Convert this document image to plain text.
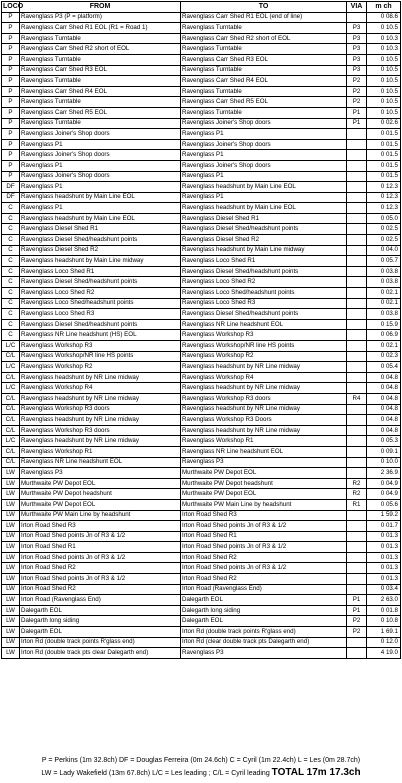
LOCO	FROM	TO	VIA	m ch
P	Ravenglass P3 (P = platform)	Ravenglass Carr Shed R1 EOL (end of line)		0 08.6
P	Ravenglass Carr Shed R1 EOL (R1 = Road 1)	Ravenglass Turntable	P3	0 10.5
P	Ravenglass Turntable	Ravenglass Carr Shed R2 short of EOL	P3	0 10.3
P	Ravenglass Carr Shed R2 short of EOL	Ravenglass Turntable	P3	0 10.3
P	Ravenglass Turntable	Ravenglass Carr Shed R3 EOL	P3	0 10.5
P	Ravenglass Carr Shed R3 EOL	Ravenglass Turntable	P3	0 10.5
P	Ravenglass Turntable	Ravenglass Carr Shed R4 EOL	P2	0 10.5
P	Ravenglass Carr Shed R4 EOL	Ravenglass Turntable	P2	0 10.5
P	Ravenglass Turntable	Ravenglass Carr Shed R5 EOL	P2	0 10.5
P	Ravenglass Carr Shed R5 EOL	Ravenglass Turntable	P1	0 10.5
P	Ravenglass Turntable	Ravenglass Joiner's Shop doors	P1	0 02.6
P	Ravenglass Joiner's Shop doors	Ravenglass P1		0 01.5
P	Ravenglass P1	Ravenglass Joiner's Shop doors		0 01.5
P	Ravenglass Joiner's Shop doors	Ravenglass P1		0 01.5
P	Ravenglass P1	Ravenglass Joiner's Shop doors		0 01.5
P	Ravenglass Joiner's Shop doors	Ravenglass P1		0 01.5
DF	Ravenglass P1	Ravenglass headshunt by Main Line EOL		0 12.3
DF	Ravenglass headshunt by Main Line EOL	Ravenglass P1		0 12.3
C	Ravenglass P1	Ravenglass headshunt by Main Line EOL		0 12.3
C	Ravenglass headshunt by Main Line EOL	Ravenglass Diesel Shed R1		0 05.0
C	Ravenglass Diesel Shed R1	Ravenglass Diesel Shed/headshunt points		0 02.5
C	Ravenglass Diesel Shed/headshunt points	Ravenglass Diesel Shed R2		0 02.5
C	Ravenglass Diesel Shed R2	Ravenglass headshunt by Main Line midway		0 04.0
C	Ravenglass headshunt by Main Line midway	Ravenglass Loco Shed R1		0 05.7
C	Ravenglass Loco Shed R1	Ravenglass Diesel Shed/headshunt points		0 03.8
C	Ravenglass Diesel Shed/headshunt points	Ravenglass Loco Shed R2		0 03.8
C	Ravenglass Loco Shed R2	Ravenglass Loco Shed/headshunt points		0 02.1
C	Ravenglass Loco Shed/headshunt points	Ravenglass Loco Shed R3		0 02.1
C	Ravenglass Loco Shed R3	Ravenglass Diesel Shed/headshunt points		0 03.8
C	Ravenglass Diesel Shed/headshunt points	Ravenglass NR Line headshunt EOL		0 15.9
C	Ravenglass NR Line headshunt (HS) EOL	Ravenglass Workshop R3		0 06.9
L/C	Ravenglass Workshop R3	Ravenglass Workshop/NR line HS points		0 02.1
C/L	Ravenglass Workshop/NR line HS points	Ravenglass Workshop R2		0 02.3
L/C	Ravenglass Workshop R2	Ravenglass headshunt by NR Line midway		0 05.4
C/L	Ravenglass headshunt by NR Line midway	Ravenglass Workshop R4		0 04.8
L/C	Ravenglass Workshop R4	Ravenglass headshunt by NR Line midway		0 04.8
C/L	Ravenglass headshunt by NR Line midway	Ravenglass Workshop R3 doors	R4	0 04.8
C/L	Ravenglass Workshop R3 doors	Ravenglass headshunt by NR Line midway		0 04.8
C/L	Ravenglass headshunt by NR Line midway	Ravenglass Workshop R3 Doors		0 04.8
C/L	Ravenglass Workshop R3 doors	Ravenglass headshunt by NR Line midway		0 04.8
L/C	Ravenglass headshunt by NR Line midway	Ravenglass Workshop R1		0 05.3
C/L	Ravenglass Workshop R1	Ravenglass NR Line headshunt EOL		0 09.1
C/L	Ravenglass NR Line headshunt EOL	Ravenglass P3		0 10.0
LW	Ravenglass P3	Murthwaite PW Depot EOL		2 36.9
LW	Murthwaite PW Depot EOL	Murthwaite PW Depot headshunt	R2	0 04.9
LW	Murthwaite PW Depot headshunt	Murthwaite PW Depot EOL	R2	0 04.9
LW	Murthwaite PW Depot EOL	Murthwaite PW Main Line by headshunt	R1	0 05.6
LW	Murthwaite PW Main Line by headshunt	Irton Road Shed R3		1 59.2
LW	Irton Road Shed R3	Irton Road Shed points Jn of R3 & 1/2		0 01.7
LW	Irton Road Shed points Jn of R3 & 1/2	Irton Road Shed R1		0 01.3
LW	Irton Road Shed R1	Irton Road Shed points Jn of R3 & 1/2		0 01.3
LW	Irton Road Shed points Jn of R3 & 1/2	Irton Road Shed R2		0 01.3
LW	Irton Road Shed R2	Irton Road Shed points Jn of R3 & 1/2		0 01.3
LW	Irton Road Shed points Jn of R3 & 1/2	Irton Road Shed R2		0 01.3
LW	Irton Road Shed R2	Irton Road (Ravenglass End)		0 03.4
LW	Irton Road (Ravenglass End)	Dalegarth EOL	P1	2 63.0
LW	Dalegarth EOL	Dalegarth long siding	P1	0 01.8
LW	Dalegarth long siding	Dalegarth EOL	P2	0 10.8
LW	Dalegarth EOL	Irton Rd (double track points R'glass end)	P2	1 69.1
LW	Irton Rd (double track points R'glass end)	Irton Rd (clear double track pts Dalegarth end)		0 12.0
LW	Irton Rd (double track pts clear Dalegarth end)	Ravenglass P3		4 19.0
P = Perkins (1m 32.8ch) DF = Douglas Ferreira (0m 24.6ch) C = Cyril (1m 22.4ch) L = Les (0m 28.7ch)
LW = Lady Wakefield (13m 67.8ch) L/C = Les leading ; C/L = Cyril leading TOTAL 17m 17.3ch
